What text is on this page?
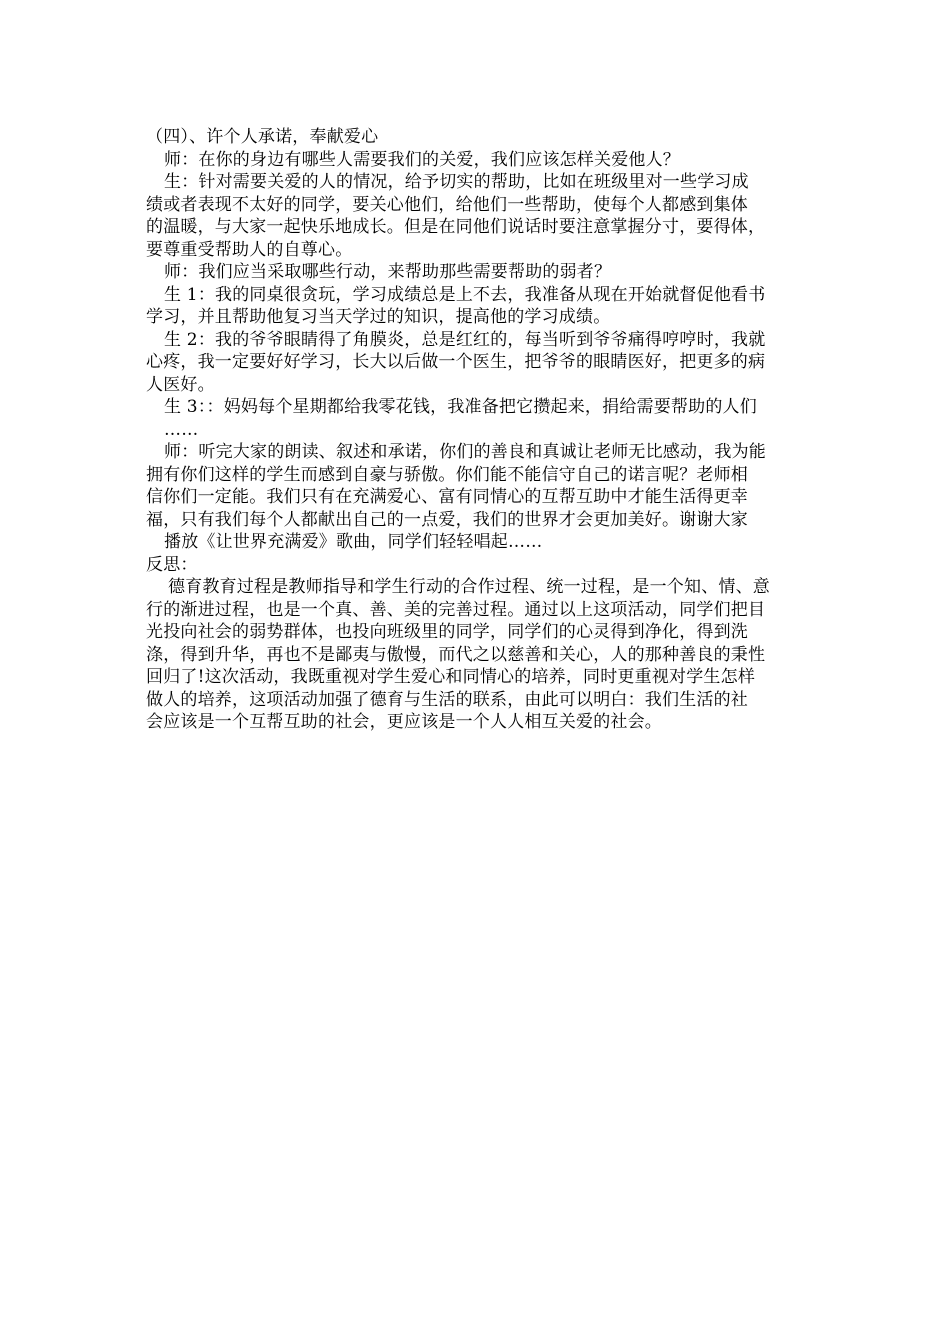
（四）、许个人承诺，奉献爱心
师：在你的身边有哪些人需要我们的关爱，我们应该怎样关爱他人？
生：针对需要关爱的人的情况，给予切实的帮助，比如在班级里对一些学习成
绩或者表现不太好的同学，要关心他们，给他们一些帮助，使每个人都感到集体
的温暖，与大家一起快乐地成长。但是在同他们说话时要注意掌握分寸，要得体，
要尊重受帮助人的自尊心。
师：我们应当采取哪些行动，来帮助那些需要帮助的弱者？
生 1：我的同桌很贪玩，学习成绩总是上不去，我准备从现在开始就督促他看书
学习，并且帮助他复习当天学过的知识，提高他的学习成绩。
生 2：我的爷爷眼睛得了角膜炎，总是红红的，每当听到爷爷痛得哼哼时，我就
心疼，我一定要好好学习，长大以后做一个医生，把爷爷的眼睛医好，把更多的病
人医好。
生 3：：妈妈每个星期都给我零花钱，我准备把它攒起来，捐给需要帮助的人们
……
师：听完大家的朗读、叙述和承诺，你们的善良和真诚让老师无比感动，我为能
拥有你们这样的学生而感到自豪与骄傲。你们能不能信守自己的诺言呢？老师相
信你们一定能。我们只有在充满爱心、富有同情心的互帮互助中才能生活得更幸
福，只有我们每个人都献出自己的一点爱，我们的世界才会更加美好。谢谢大家
播放《让世界充满爱》歌曲，同学们轻轻唱起……
反思：
德育教育过程是教师指导和学生行动的合作过程、统一过程，是一个知、情、意
行的渐进过程，也是一个真、善、美的完善过程。通过以上这项活动，同学们把目
光投向社会的弱势群体，也投向班级里的同学，同学们的心灵得到净化，得到洗
涤，得到升华，再也不是鄙夷与傲慢，而代之以慈善和关心，人的那种善良的秉性
回归了!这次活动，我既重视对学生爱心和同情心的培养，同时更重视对学生怎样
做人的培养，这项活动加强了德育与生活的联系，由此可以明白：我们生活的社
会应该是一个互帮互助的社会，更应该是一个人人相互关爱的社会。
